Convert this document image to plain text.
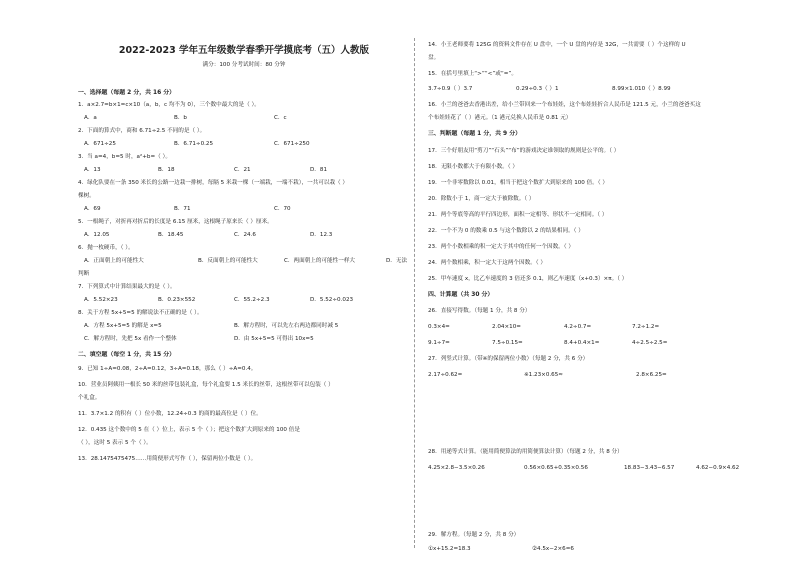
2022-2023 学年五年级数学春季开学摸底考（五）人教版
满分：100 分考试时间：80 分钟
一、选择题（每题 2 分，共 16 分）
1．a×2.7=b×1=c×10（a，b，c 均不为 0），三个数中最大的是（ ）。
A．a	B．b	C．c
2．下面的算式中，商和 6.71÷2.5 不同的是（ ）。
A．671÷25	B．6.71÷0.25	C．671÷250
3．当 a=4，b=5 时，a²+b=（ ）。
A．13	B．18	C．21	D．81
4．绿化队要在一条 350 米长的公路一边栽一排树，每隔 5 米栽一棵（一端栽，一端不栽），一共可以栽（ ）
棵树。
A．69	B．71	C．70
5．一根绳子，对折再对折后的长度是 6.15 厘米，这根绳子原来长（ ）厘米。
A．12.05	B．18.45	C．24.6	D．12.3
6．抛一枚硬币，（ ）。
A．正面朝上的可能性大	B．反面朝上的可能性大	C．两面朝上的可能性一样大	D．无法
判断
7．下列算式中计算结果最大的是（ ）。
A．5.52×23	B．0.23×552	C．55.2÷2.3	D．5.52÷0.023
8．关于方程 5x+5=5 的解说法不正确的是（ ）。
A．方程 5x+5=5 的解是 x=5	B．解方程时，可以先左右两边都同时减 5
C．解方程时，先把 5x 看作一个整体	D．由 5x+5=5 可得出 10x=5
二、填空题（每空 1 分，共 15 分）
9．已知 1÷A=0.08，2÷A=0.12，3÷A=0.18，那么（ ）÷A=0.4。
10．营业员阿姨用一根长 50 米的丝带包装礼盒，每个礼盒要 1.5 米长的丝带，这根丝带可以包装（ ）
个礼盒。
11．3.7×1.2 的积有（ ）位小数，12.24÷0.3 的商的最高位是（ ）位。
12．0.435 这个数中的 5 在（ ）位上，表示 5 个（ ）；把这个数扩大到原来的 100 倍是
（ ），这时 5 表示 5 个（ ）。
13．28.1475475475……用简便形式写作（ ），保留两位小数是（ ）。
14．小王老师要将 125G 的资料文件存在 U 盘中，一个 U 盘的内存是 32G，一共需要（ ）个这样的 U
盘。
15．在括号里填上“>”“<”或“=”。
3.7÷0.9（ ）3.7	0.29÷0.3（ ）1	8.99×1.010（ ）8.99
16．小兰的爸爸去香港出差，给小兰带回来一个布娃娃，这个布娃娃折合人民币是 121.5 元，小兰的爸爸买这
个布娃娃花了（ ）港元。（1 港元兑换人民币是 0.81 元）
三、判断题（每题 1 分，共 9 分）
17．三个好朋友用“剪刀”“石头”“布”的游戏决定谁领取的规则是公平的。（ ）
18．无限小数都大于有限小数。（ ）
19．一个非零数除以 0.01，相当于把这个数扩大到原来的 100 倍。（ ）
20．除数小于 1，商一定大于被除数。（ ）
21．两个等底等高的平行四边形，面积一定相等、形状不一定相同。（ ）
22．一个不为 0 的数乘 0.5 与这个数除以 2 的结果相同。（ ）
23．两个小数相乘的积一定大于其中的任何一个因数。（ ）
24．两个数相乘，积一定大于这两个因数。（ ）
25．甲车速度 x，比乙车速度的 3 倍还多 0.1，则乙车速度（x+0.3）×π。（ ）
四、计算题（共 30 分）
26．直接写得数。（每题 1 分，共 8 分）
0.3×4=	2.04×10=	4.2÷0.7=	7.2÷1.2=
9.1÷7=	7.5÷0.15=	8.4+0.4×1=	4÷2.5÷2.5=
27．列竖式计算。（带※的保留两位小数）（每题 2 分，共 6 分）
2.17÷0.62=	※1.23×0.65≈	2.8×6.25=
28．用递等式计算。（能用简便算法的用简便算法计算）（每题 2 分，共 8 分）
4.25×2.8−3.5×0.26	0.56×0.65+0.35×0.56	18.83−3.43−6.57	4.62−0.9×4.62
29．解方程。（每题 2 分，共 8 分）
①x+15.2=18.3	②4.5x−2×6=6
